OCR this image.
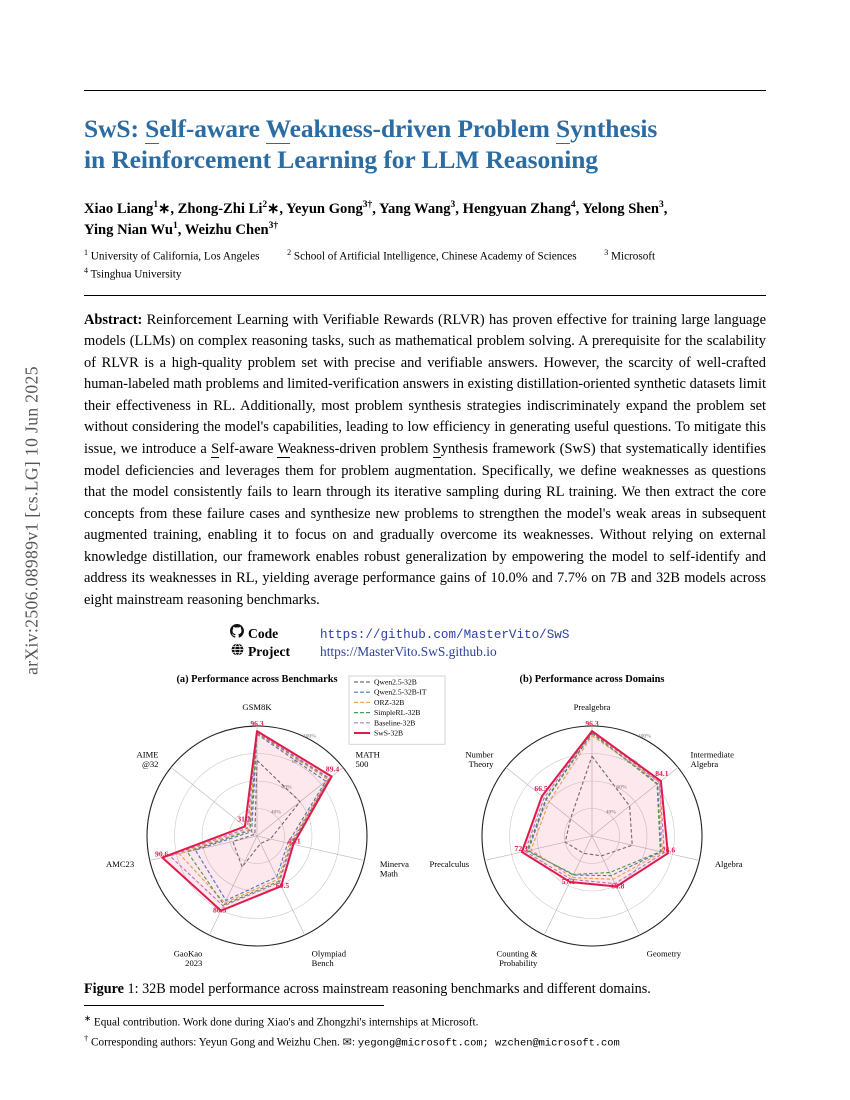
arXiv:2506.08989v1 [cs.LG] 10 Jun 2025
SwS: Self-aware Weakness-driven Problem Synthesis
in Reinforcement Learning for LLM Reasoning
Xiao Liang$^1$∗, Zhong-Zhi Li$^2$∗, Yeyun Gong$^{3\dagger}$, Yang Wang$^3$, Hengyuan Zhang$^4$, Yelong Shen$^3$,
Ying Nian Wu$^1$, Weizhu Chen$^{3\dagger}$
$^1$ University of California, Los Angeles	$^2$ School of Artificial Intelligence, Chinese Academy of Sciences	$^3$ Microsoft
$^4$ Tsinghua University
Abstract: Reinforcement Learning with Verifiable Rewards (RLVR) has proven effective for training large language models (LLMs) on complex reasoning tasks, such as mathematical problem solving. A prerequisite for the scalability of RLVR is a high-quality problem set with precise and verifiable answers. However, the scarcity of well-crafted human-labeled math problems and limited-verification answers in existing distillation-oriented synthetic datasets limit their effectiveness in RL. Additionally, most problem synthesis strategies indiscriminately expand the problem set without considering the model's capabilities, leading to low efficiency in generating useful questions. To mitigate this issue, we introduce a Self-aware Weakness-driven problem Synthesis framework (SwS) that systematically identifies model deficiencies and leverages them for problem augmentation. Specifically, we define weaknesses as questions that the model consistently fails to learn through its iterative sampling during RL training. We then extract the core concepts from these failure cases and synthesize new problems to strengthen the model's weak areas in subsequent augmented training, enabling it to focus on and gradually overcome its weaknesses. Without relying on external knowledge distillation, our framework enables robust generalization by empowering the model to self-identify and address its weaknesses in RL, yielding average performance gains of 10.0% and 7.7% on 7B and 32B models across eight mainstream reasoning benchmarks.
Code	https://github.com/MasterVito/SwS
Project	https://MasterVito.SwS.github.io
40%
60%
80%
100%
GSM8K
96.3
MATH
500
89.4
Minerva
Math
47.1
Olympiad
Bench
60.5
GaoKao
2023
80.3
AMC23
90.6
AIME
@32
31.2
(a) Performance across Benchmarks
40%
60%
80%
100%
Prealgebra
96.3
Intermediate
Algebra
84.1
Algebra
76.6
Geometry
60.8
Counting &
Probability
57.1
Precalculus
72.3
Number
Theory
66.5
(b) Performance across Domains
Qwen2.5-32B
Qwen2.5-32B-IT
ORZ-32B
SimpleRL-32B
Baseline-32B
SwS-32B
Figure 1: 32B model performance across mainstream reasoning benchmarks and different domains.
∗ Equal contribution. Work done during Xiao's and Zhongzhi's internships at Microsoft.
† Corresponding authors: Yeyun Gong and Weizhu Chen. ✉: yegong@microsoft.com; wzchen@microsoft.com
